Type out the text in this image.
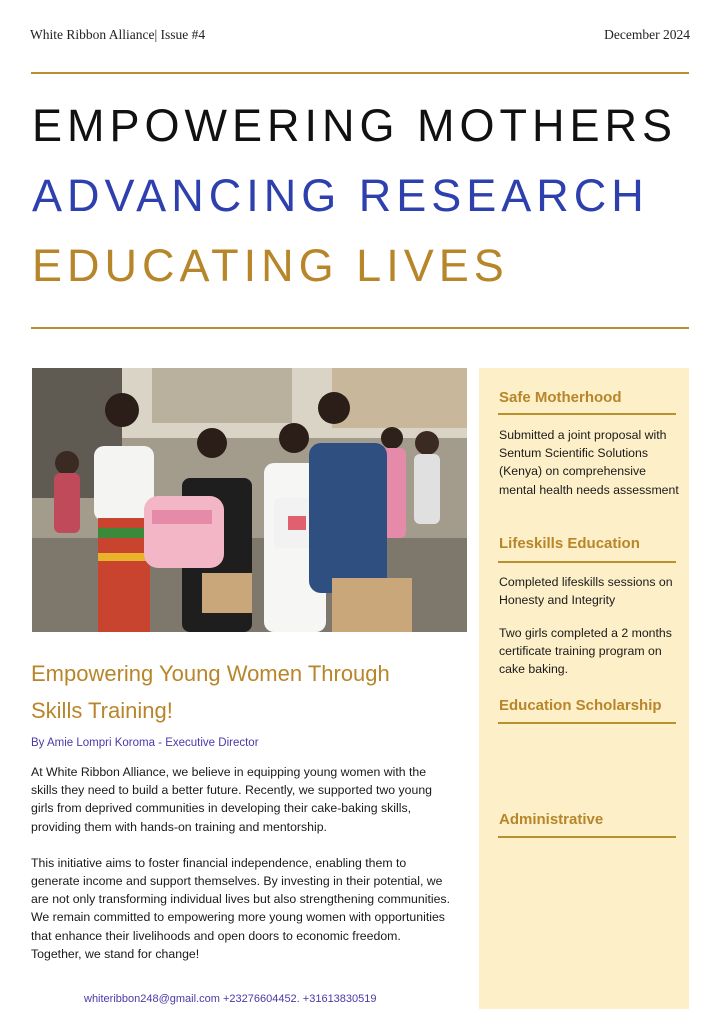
White Ribbon Alliance| Issue #4	December 2024
EMPOWERING MOTHERS
ADVANCING RESEARCH
EDUCATING LIVES
Empowering Young Women Through
Skills Training!
By Amie Lompri Koroma - Executive Director

At White Ribbon Alliance, we believe in equipping young women with the skills they need to build a better future. Recently, we supported two young girls from deprived communities in developing their cake-baking skills, providing them with hands-on training and mentorship.

This initiative aims to foster financial independence, enabling them to generate income and support themselves. By investing in their potential, we are not only transforming individual lives but also strengthening communities. We remain committed to empowering more young women with opportunities that enhance their livelihoods and open doors to economic freedom.

Together, we stand for change!

whiteribbon248@gmail.com +23276604452. +31613830519
Safe Motherhood
Submitted a joint proposal with Sentum Scientific Solutions (Kenya) on comprehensive mental health needs assessment
Lifeskills Education
Completed lifeskills sessions on Honesty and Integrity
Two girls completed a 2 months certificate training program on cake baking.
Education Scholarship
Administrative
